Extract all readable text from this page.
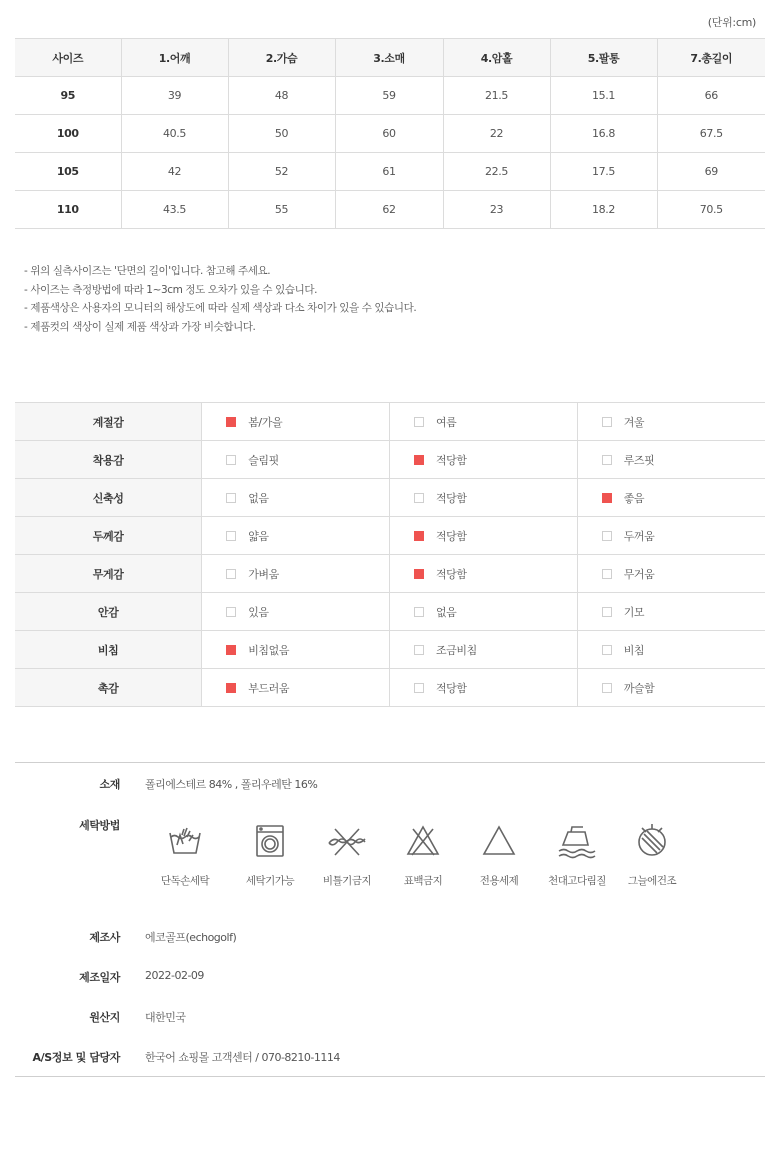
(단위:cm)
사이즈	1.어깨	2.가슴	3.소매	4.암홀	5.팔통	7.총길이
95	39	48	59	21.5	15.1	66
100	40.5	50	60	22	16.8	67.5
105	42	52	61	22.5	17.5	69
110	43.5	55	62	23	18.2	70.5
- 위의 실측사이즈는 '단면의 길이'입니다. 참고해 주세요.
- 사이즈는 측정방법에 따라 1~3cm 정도 오차가 있을 수 있습니다.
- 제품색상은 사용자의 모니터의 해상도에 따라 실제 색상과 다소 차이가 있을 수 있습니다.
- 제품컷의 색상이 실제 제품 색상과 가장 비슷합니다.
계절감	봄/가을	여름	겨울
착용감	슬림핏	적당함	루즈핏
신축성	없음	적당함	좋음
두께감	얇음	적당함	두꺼움
무게감	가벼움	적당함	무거움
안감	있음	없음	기모
비침	비침없음	조금비침	비침
촉감	부드러움	적당함	까슬함
소재 폴리에스테르 84% , 폴리우레탄 16%
세탁방법
단독손세탁	세탁기가능	비틀기금지	표백금지	전용세제	천대고다림질	그늘에건조
제조사 에코골프(echogolf)
제조일자 2022-02-09
원산지 대한민국
A/S정보 및 담당자 한국어 쇼핑몰 고객센터 / 070-8210-1114
